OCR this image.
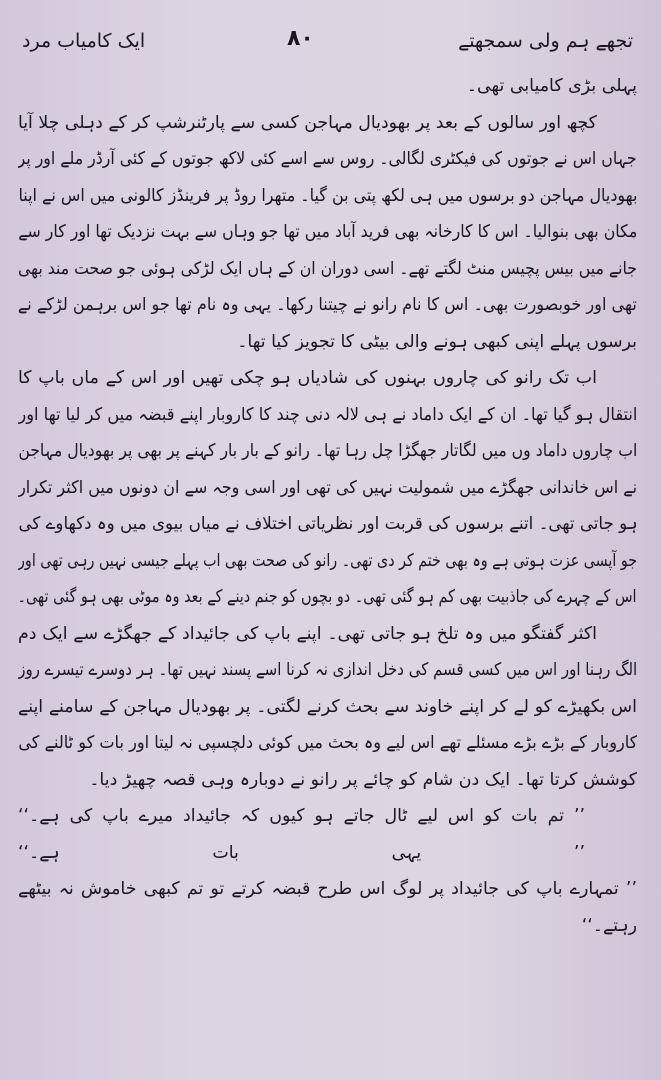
تجھے ہم ولی سمجھتے
۸۰
ایک کامیاب مرد
پہلی بڑی کامیابی تھی۔
کچھ اور سالوں کے بعد پر بھودیال مہاجن کسی سے پارٹنرشپ کر کے دہلی چلا آیا
جہاں اس نے جوتوں کی فیکٹری لگالی۔ روس سے اسے کئی لاکھ جوتوں کے کئی آرڈر ملے اور پر
بھودیال مہاجن دو برسوں میں ہی لکھ پتی بن گیا۔ متھرا روڈ پر فرینڈز کالونی میں اس نے اپنا
مکان بھی بنوالیا۔ اس کا کارخانہ بھی فرید آباد میں تھا جو وہاں سے بہت نزدیک تھا اور کار سے
جانے میں بیس پچیس منٹ لگتے تھے۔ اسی دوران ان کے ہاں ایک لڑکی ہوئی جو صحت مند بھی
تھی اور خوبصورت بھی۔ اس کا نام رانو نے چیتنا رکھا۔ یہی وہ نام تھا جو اس برہمن لڑکے نے
برسوں پہلے اپنی کبھی ہونے والی بیٹی کا تجویز کیا تھا۔
اب تک رانو کی چاروں بہنوں کی شادیاں ہو چکی تھیں اور اس کے ماں باپ کا
انتقال ہو گیا تھا۔ ان کے ایک داماد نے ہی لالہ دنی چند کا کاروبار اپنے قبضہ میں کر لیا تھا اور
اب چاروں داماد وں میں لگاتار جھگڑا چل رہا تھا۔ رانو کے بار بار کہنے پر بھی پر بھودیال مہاجن
نے اس خاندانی جھگڑے میں شمولیت نہیں کی تھی اور اسی وجہ سے ان دونوں میں اکثر تکرار
ہو جاتی تھی۔ اتنے برسوں کی قربت اور نظریاتی اختلاف نے میاں بیوی میں وہ دکھاوے کی
جو آپسی عزت ہوتی ہے وہ بھی ختم کر دی تھی۔ رانو کی صحت بھی اب پہلے جیسی نہیں رہی تھی اور
اس کے چہرے کی جاذبیت بھی کم ہو گئی تھی۔ دو بچوں کو جنم دینے کے بعد وہ موٹی بھی ہو گئی تھی۔
اکثر گفتگو میں وہ تلخ ہو جاتی تھی۔ اپنے باپ کی جائیداد کے جھگڑے سے ایک دم
الگ رہنا اور اس میں کسی قسم کی دخل اندازی نہ کرنا اسے پسند نہیں تھا۔ ہر دوسرے تیسرے روز
اس بکھیڑے کو لے کر اپنے خاوند سے بحث کرنے لگتی۔ پر بھودیال مہاجن کے سامنے اپنے
کاروبار کے بڑے بڑے مسئلے تھے اس لیے وہ بحث میں کوئی دلچسپی نہ لیتا اور بات کو ٹالنے کی
کوشش کرتا تھا۔ ایک دن شام کو چائے پر رانو نے دوبارہ وہی قصہ چھیڑ دیا۔
’’ تم بات کو اس لیے ٹال جاتے ہو کیوں کہ جائیداد میرے باپ کی ہے۔‘‘
’’ یہی بات ہے۔‘‘
’’ تمہارے باپ کی جائیداد پر لوگ اس طرح قبضہ کرتے تو تم کبھی خاموش نہ بیٹھے
رہتے۔‘‘
